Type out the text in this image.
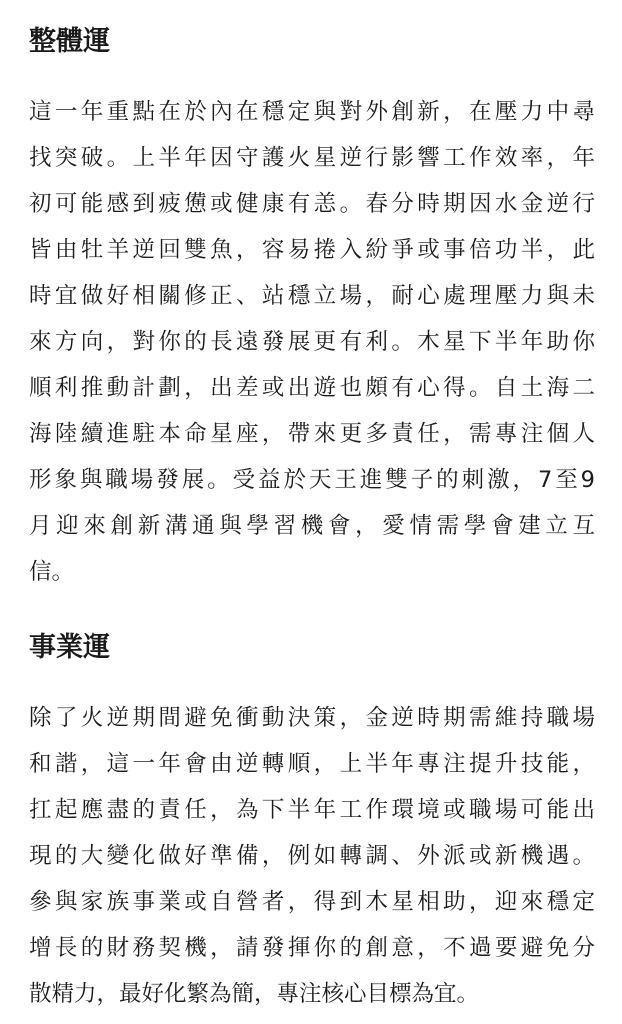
整體運
這一年重點在於內在穩定與對外創新，在壓力中尋
找突破。上半年因守護火星逆行影響工作效率，年
初可能感到疲憊或健康有恙。春分時期因水金逆行
皆由牡羊逆回雙魚，容易捲入紛爭或事倍功半，此
時宜做好相關修正、站穩立場，耐心處理壓力與未
來方向，對你的長遠發展更有利。木星下半年助你
順利推動計劃，出差或出遊也頗有心得。自土海二
海陸續進駐本命星座，帶來更多責任，需專注個人
形象與職場發展。受益於天王進雙子的刺激，7至9
月迎來創新溝通與學習機會，愛情需學會建立互
信。
事業運
除了火逆期間避免衝動決策，金逆時期需維持職場
和諧，這一年會由逆轉順，上半年專注提升技能，
扛起應盡的責任，為下半年工作環境或職場可能出
現的大變化做好準備，例如轉調、外派或新機遇。
參與家族事業或自營者，得到木星相助，迎來穩定
增長的財務契機，請發揮你的創意，不過要避免分
散精力，最好化繁為簡，專注核心目標為宜。
